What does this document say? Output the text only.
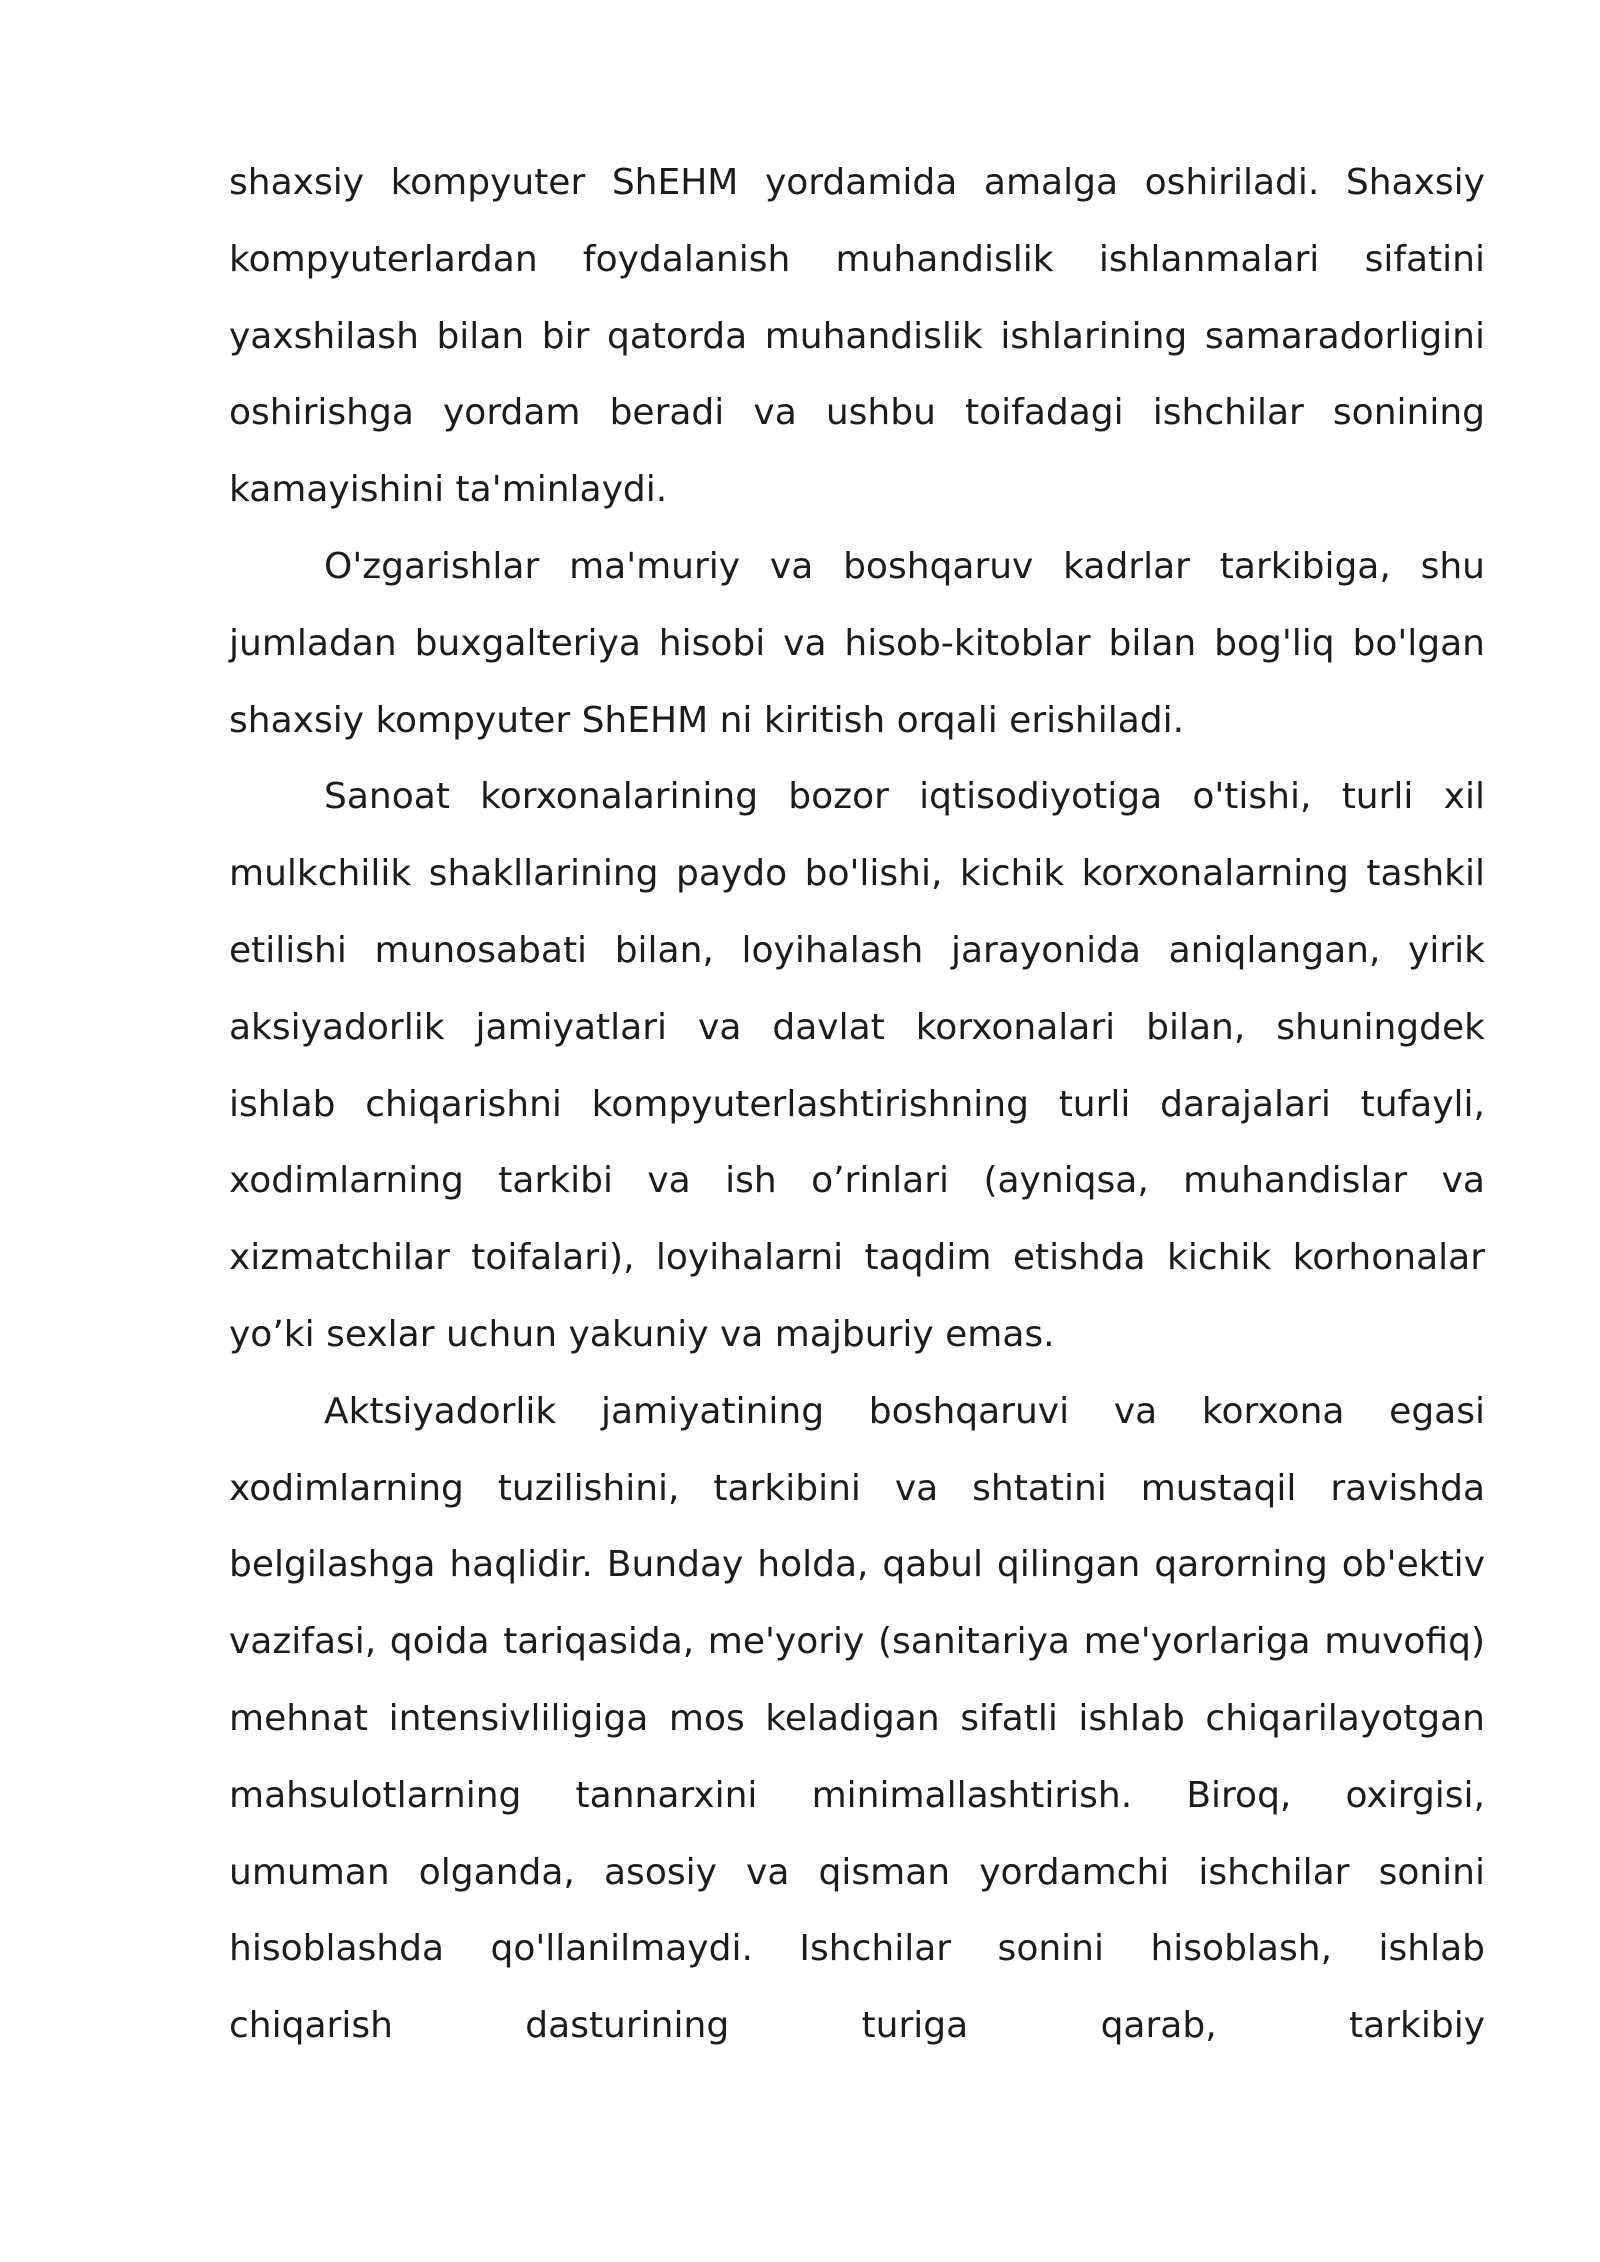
shaxsiy kompyuter ShEHM yordamida amalga oshiriladi. Shaxsiy kompyuterlardan foydalanish muhandislik ishlanmalari sifatini yaxshilash bilan bir qatorda muhandislik ishlarining samaradorligini oshirishga yordam beradi va ushbu toifadagi ishchilar sonining kamayishini ta'minlaydi.

O'zgarishlar ma'muriy va boshqaruv kadrlar tarkibiga, shu jumladan buxgalteriya hisobi va hisob-kitoblar bilan bog'liq bo'lgan shaxsiy kompyuter ShEHM ni kiritish orqali erishiladi.

Sanoat korxonalarining bozor iqtisodiyotiga o'tishi, turli xil mulkchilik shakllarining paydo bo'lishi, kichik korxonalarning tashkil etilishi munosabati bilan, loyihalash jarayonida aniqlangan, yirik aksiyadorlik jamiyatlari va davlat korxonalari bilan, shuningdek ishlab chiqarishni kompyuterlashtirishning turli darajalari tufayli, xodimlarning tarkibi va ish o’rinlari (ayniqsa, muhandislar va xizmatchilar toifalari), loyihalarni taqdim etishda kichik korhonalar yo’ki sexlar uchun yakuniy va majburiy emas.

Aktsiyadorlik jamiyatining boshqaruvi va korxona egasi xodimlarning tuzilishini, tarkibini va shtatini mustaqil ravishda belgilashga haqlidir. Bunday holda, qabul qilingan qarorning ob'ektiv vazifasi, qoida tariqasida, me'yoriy (sanitariya me'yorlariga muvofiq) mehnat intensivliligiga mos keladigan sifatli ishlab chiqarilayotgan mahsulotlarning tannarxini minimallashtirish. Biroq, oxirgisi, umuman olganda, asosiy va qisman yordamchi ishchilar sonini hisoblashda qo'llanilmaydi. Ishchilar sonini hisoblash, ishlab chiqarish dasturining turiga qarab, tarkibiy
